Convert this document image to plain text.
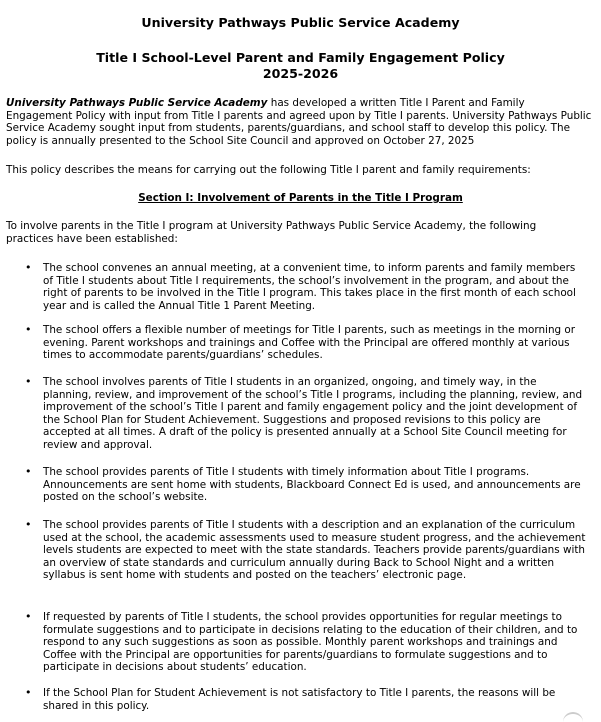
University Pathways Public Service Academy
Title I School-Level Parent and Family Engagement Policy
2025-2026
University Pathways Public Service Academy has developed a written Title I Parent and Family Engagement Policy with input from Title I parents and agreed upon by Title I parents. University Pathways Public Service Academy sought input from students, parents/guardians, and school staff to develop this policy. The policy is annually presented to the School Site Council and approved on October 27, 2025
This policy describes the means for carrying out the following Title I parent and family requirements:
Section I: Involvement of Parents in the Title I Program
To involve parents in the Title I program at University Pathways Public Service Academy, the following practices have been established:
• The school convenes an annual meeting, at a convenient time, to inform parents and family members of Title I students about Title I requirements, the school’s involvement in the program, and about the right of parents to be involved in the Title I program. This takes place in the first month of each school year and is called the Annual Title 1 Parent Meeting.
• The school offers a flexible number of meetings for Title I parents, such as meetings in the morning or evening. Parent workshops and trainings and Coffee with the Principal are offered monthly at various times to accommodate parents/guardians’ schedules.
• The school involves parents of Title I students in an organized, ongoing, and timely way, in the planning, review, and improvement of the school’s Title I programs, including the planning, review, and improvement of the school’s Title I parent and family engagement policy and the joint development of the School Plan for Student Achievement. Suggestions and proposed revisions to this policy are accepted at all times. A draft of the policy is presented annually at a School Site Council meeting for review and approval.
• The school provides parents of Title I students with timely information about Title I programs. Announcements are sent home with students, Blackboard Connect Ed is used, and announcements are posted on the school’s website.
• The school provides parents of Title I students with a description and an explanation of the curriculum used at the school, the academic assessments used to measure student progress, and the achievement levels students are expected to meet with the state standards. Teachers provide parents/guardians with an overview of state standards and curriculum annually during Back to School Night and a written syllabus is sent home with students and posted on the teachers’ electronic page.
• If requested by parents of Title I students, the school provides opportunities for regular meetings to formulate suggestions and to participate in decisions relating to the education of their children, and to respond to any such suggestions as soon as possible. Monthly parent workshops and trainings and Coffee with the Principal are opportunities for parents/guardians to formulate suggestions and to participate in decisions about students’ education.
• If the School Plan for Student Achievement is not satisfactory to Title I parents, the reasons will be shared in this policy.
